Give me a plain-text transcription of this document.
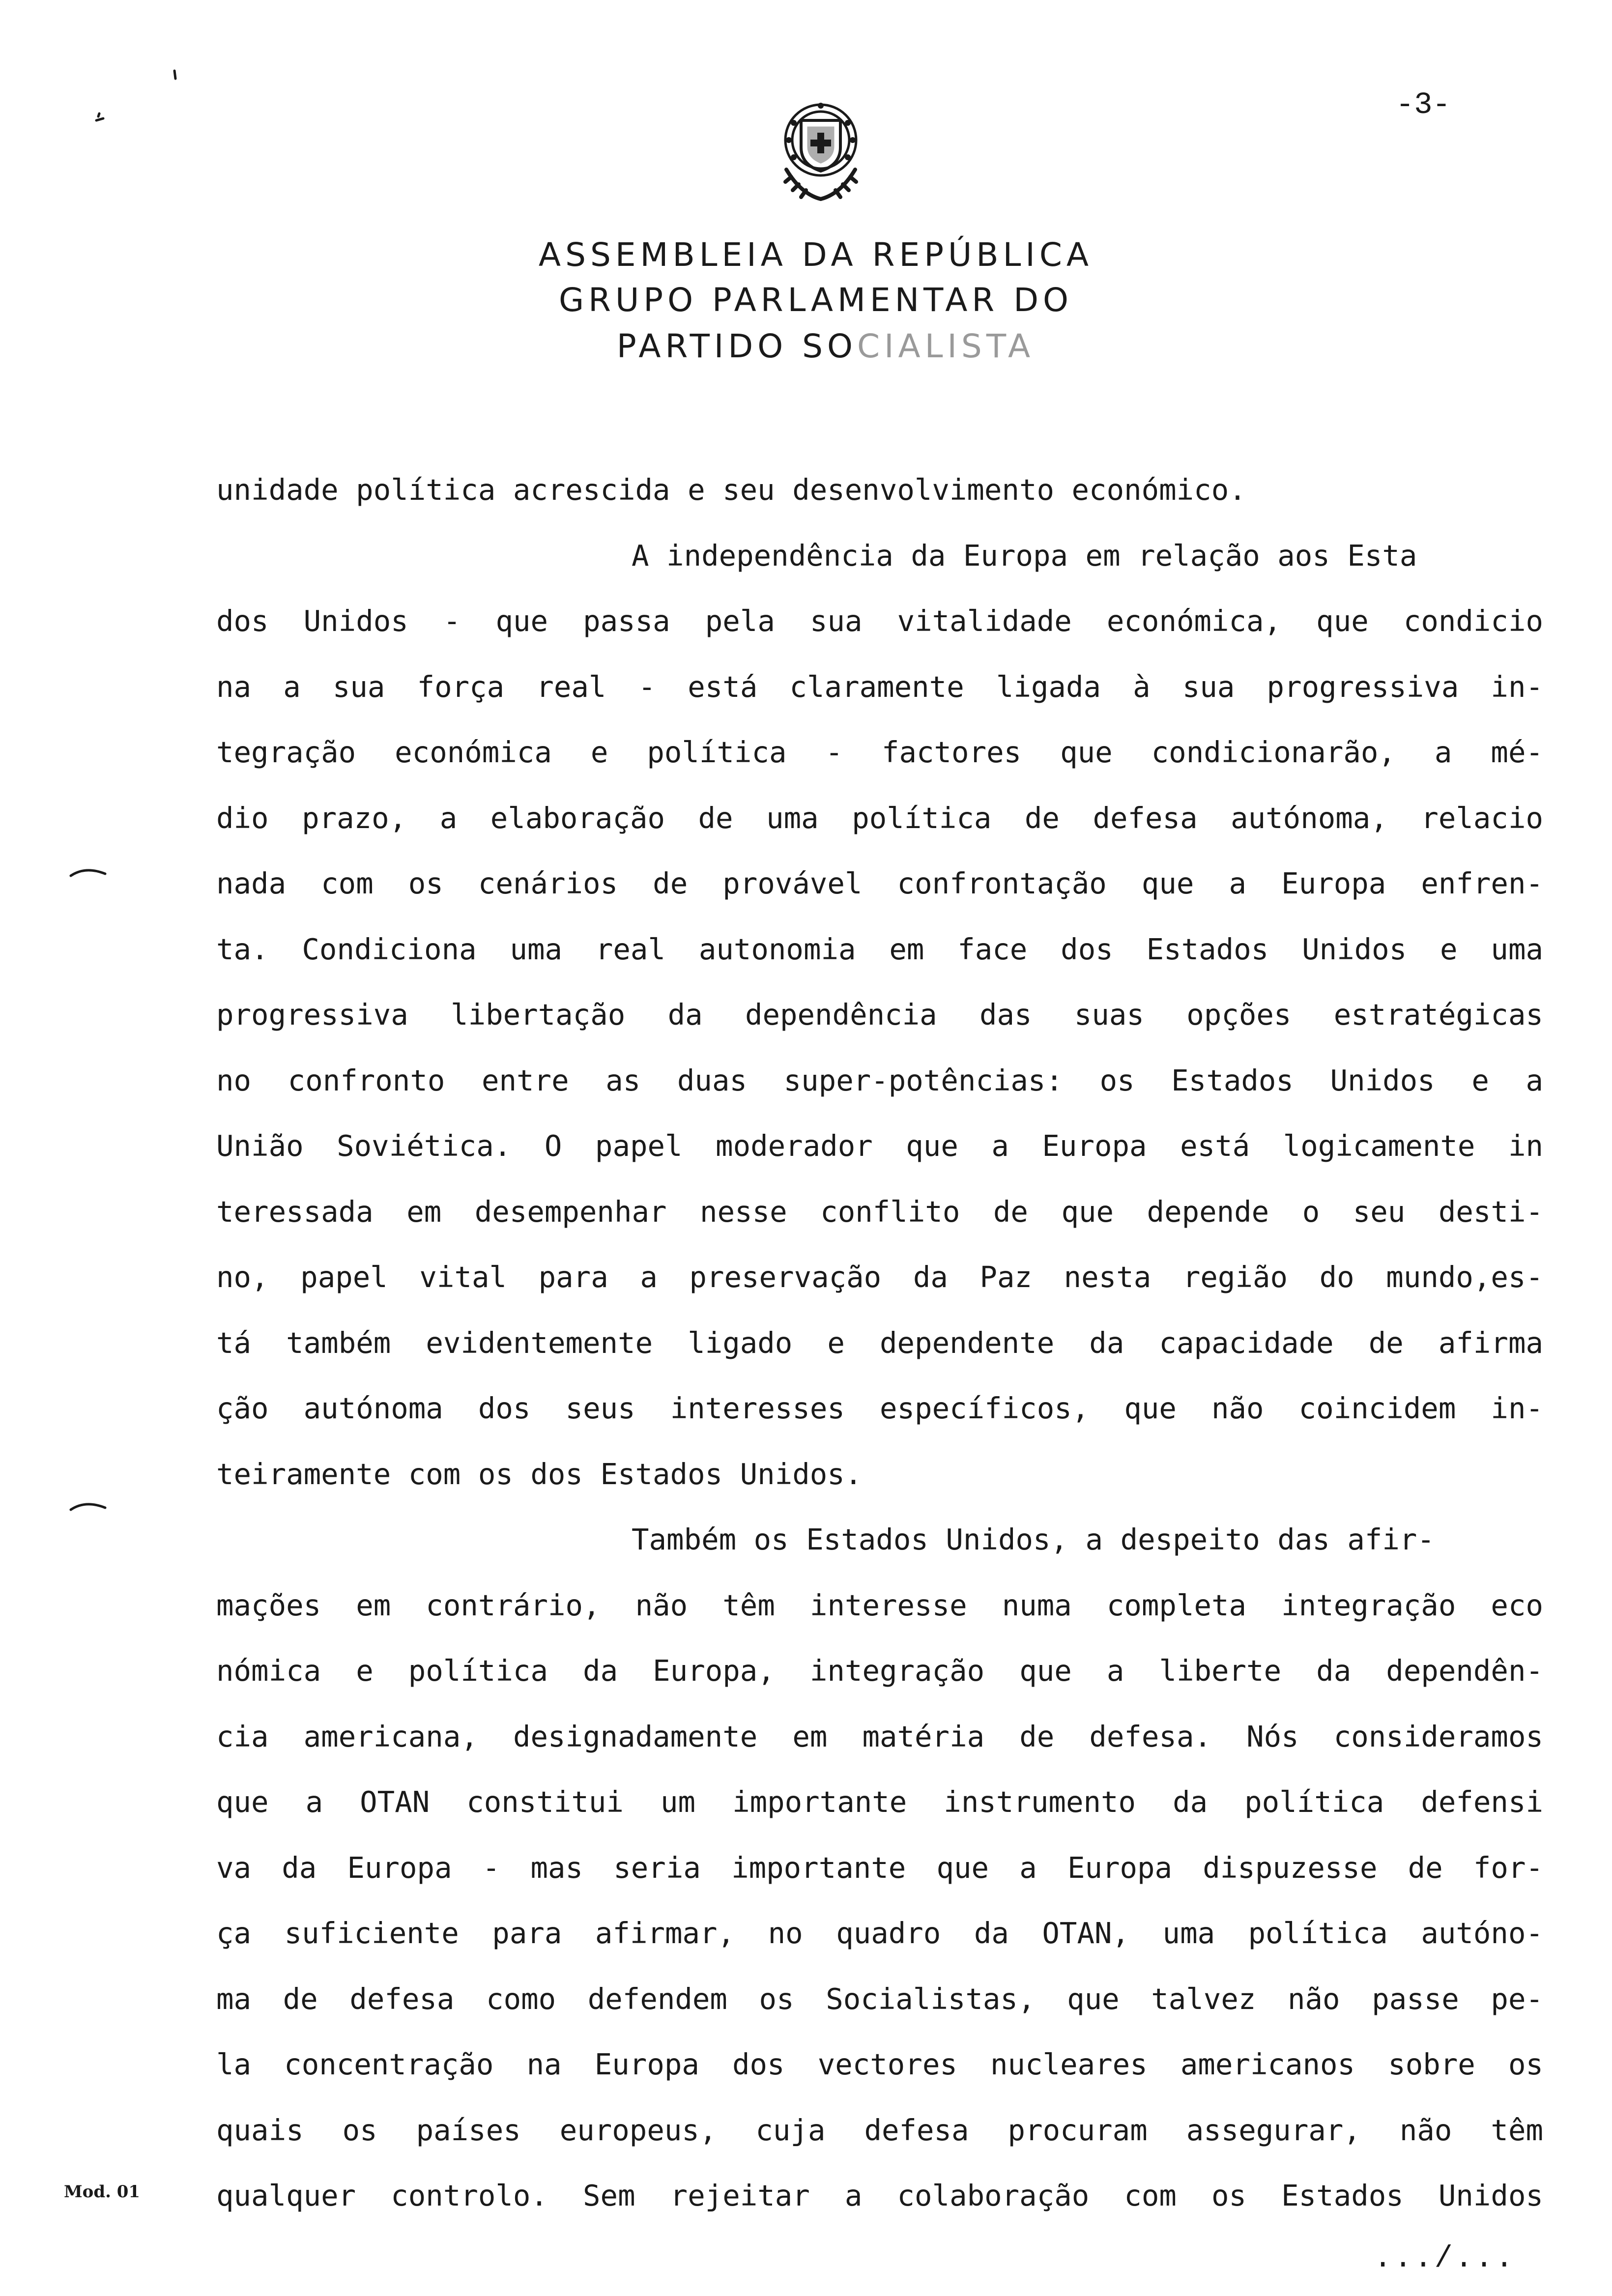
-3-
ASSEMBLEIA DA REPÚBLICA
GRUPO PARLAMENTAR DO
PARTIDO SOCIALISTA
unidade política acrescida e seu desenvolvimento económico.
A independência da Europa em relação aos Esta
dos Unidos - que passa pela sua vitalidade económica, que condicio
na a sua força real - está claramente ligada à sua progressiva in-
tegração económica e política - factores que condicionarão, a mé-
dio prazo, a elaboração de uma política de defesa autónoma, relacio
nada com os cenários de provável confrontação que a Europa enfren-
ta. Condiciona uma real autonomia em face dos Estados Unidos e uma
progressiva libertação da dependência das suas opções estratégicas
no confronto entre as duas super-potências: os Estados Unidos e a
União Soviética. O papel moderador que a Europa está logicamente in
teressada em desempenhar nesse conflito de que depende o seu desti-
no, papel vital para a preservação da Paz nesta região do mundo,es-
tá também evidentemente ligado e dependente da capacidade de afirma
ção autónoma dos seus interesses específicos, que não coincidem in-
teiramente com os dos Estados Unidos.
Também os Estados Unidos, a despeito das afir-
mações em contrário, não têm interesse numa completa integração eco
nómica e política da Europa, integração que a liberte da dependên-
cia americana, designadamente em matéria de defesa. Nós consideramos
que a OTAN constitui um importante instrumento da política defensi
va da Europa - mas seria importante que a Europa dispuzesse de for-
ça suficiente para afirmar, no quadro da OTAN, uma política autóno-
ma de defesa como defendem os Socialistas, que talvez não passe pe-
la concentração na Europa dos vectores nucleares americanos sobre os
quais os países europeus, cuja defesa procuram assegurar, não têm
qualquer controlo. Sem rejeitar a colaboração com os Estados Unidos
Mod. 01
.../...
